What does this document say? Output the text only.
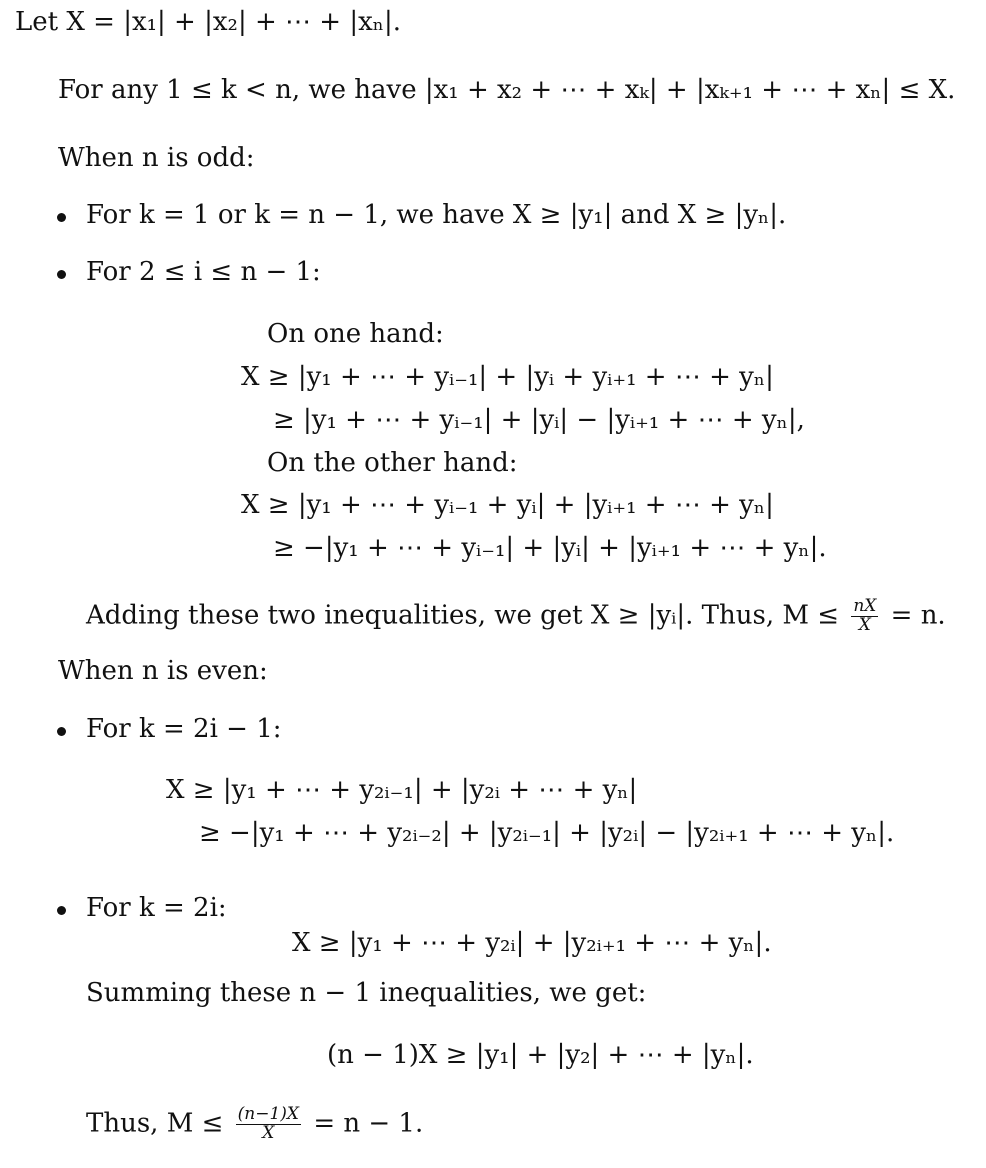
Let X = |x₁| + |x₂| + ⋯ + |xₙ|.
For any 1 ≤ k < n, we have |x₁ + x₂ + ⋯ + xₖ| + |xₖ₊₁ + ⋯ + xₙ| ≤ X.
When n is odd:
For k = 1 or k = n − 1, we have X ≥ |y₁| and X ≥ |yₙ|.
For 2 ≤ i ≤ n − 1:
On one hand:
X ≥ |y₁ + ⋯ + yᵢ₋₁| + |yᵢ + yᵢ₊₁ + ⋯ + yₙ|
≥ |y₁ + ⋯ + yᵢ₋₁| + |yᵢ| − |yᵢ₊₁ + ⋯ + yₙ|,
On the other hand:
X ≥ |y₁ + ⋯ + yᵢ₋₁ + yᵢ| + |yᵢ₊₁ + ⋯ + yₙ|
≥ −|y₁ + ⋯ + yᵢ₋₁| + |yᵢ| + |yᵢ₊₁ + ⋯ + yₙ|.
Adding these two inequalities, we get X ≥ |yᵢ|. Thus, $M \le \frac{nX}{X} = n$.
When n is even:
For k = 2i − 1:
X ≥ |y₁ + ⋯ + y₂ᵢ₋₁| + |y₂ᵢ + ⋯ + yₙ|
≥ −|y₁ + ⋯ + y₂ᵢ₋₂| + |y₂ᵢ₋₁| + |y₂ᵢ| − |y₂ᵢ₊₁ + ⋯ + yₙ|.
For k = 2i:
X ≥ |y₁ + ⋯ + y₂ᵢ| + |y₂ᵢ₊₁ + ⋯ + yₙ|.
Summing these n − 1 inequalities, we get:
(n − 1)X ≥ |y₁| + |y₂| + ⋯ + |yₙ|.
Thus, $M \le \frac{(n-1)X}{X} = n - 1$.
